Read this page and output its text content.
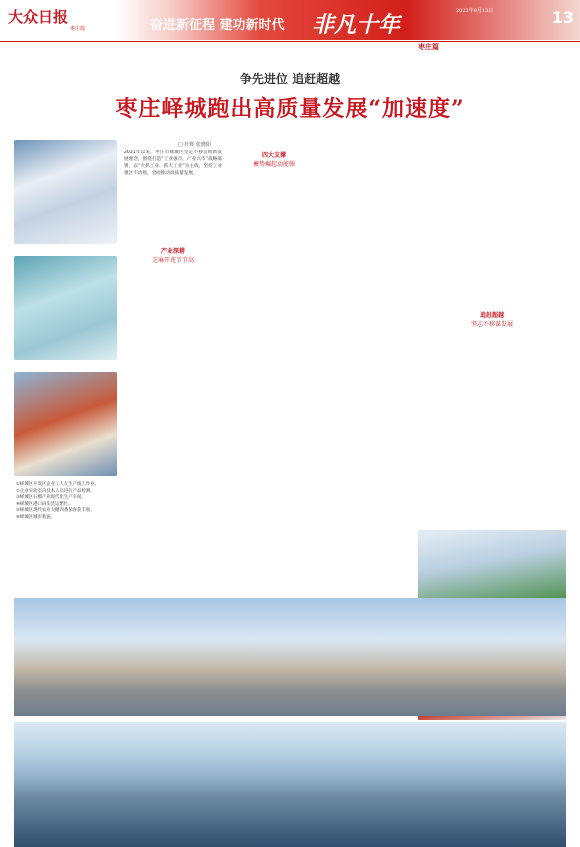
大众日报
枣庄篇	奋进新征程 建功新时代 非凡十年
2022年9月13日	13
枣庄篇
争先进位 追赶超越
枣庄峄城跑出高质量发展“加速度”
□ 杜辉 张晓阳
①峄城区开发区企业工人在生产线上作业。
②企业实验室内技术人员进行产品检测。
③峄城区石榴产业现代化生产车间。
④峄城区港口码头货运繁忙。
⑤峄城区现代农业大棚内番茄喜获丰收。
⑥峄城区城市新貌。
2021年以来，枣庄市峄城区坚定不移贯彻新发展理念，围绕打造“工业强市、产业兴市”战略部署，以“大抓工业、抓大工业”为主线，坚持工业强区不动摇，全面推动高质量发展。
产业深耕
芝麻开花节节高
四大支撑
蓄势崛起动能强
追赶超越
坚志不移谋发展
